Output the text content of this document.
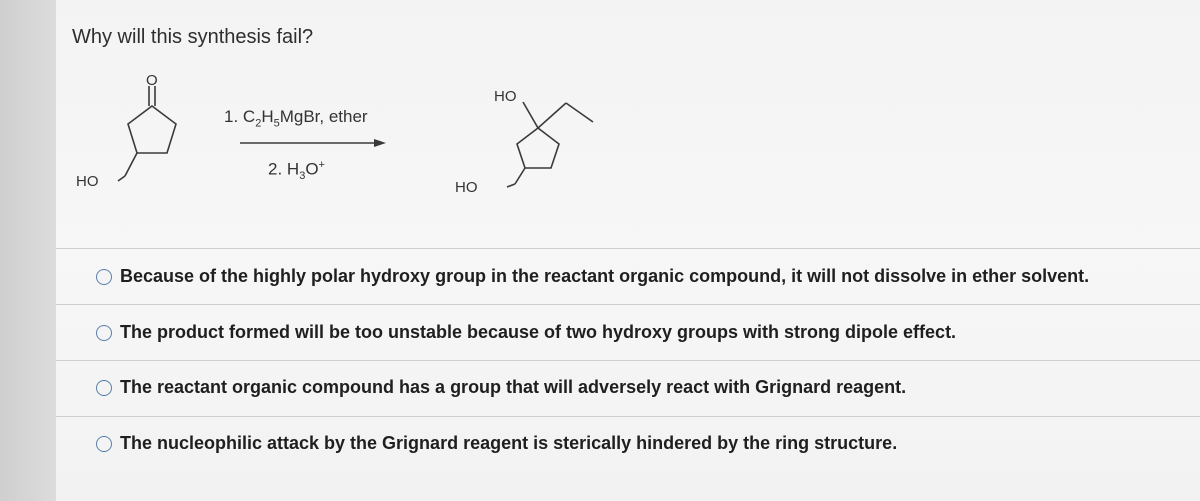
Why will this synthesis fail?
O
HO
HO
HO
1. $C_2H_5MgBr$, ether
2. $H_3O^+$
Because of the highly polar hydroxy group in the reactant organic compound, it will not dissolve in ether solvent.
The product formed will be too unstable because of two hydroxy groups with strong dipole effect.
The reactant organic compound has a group that will adversely react with Grignard reagent.
The nucleophilic attack by the Grignard reagent is sterically hindered by the ring structure.
